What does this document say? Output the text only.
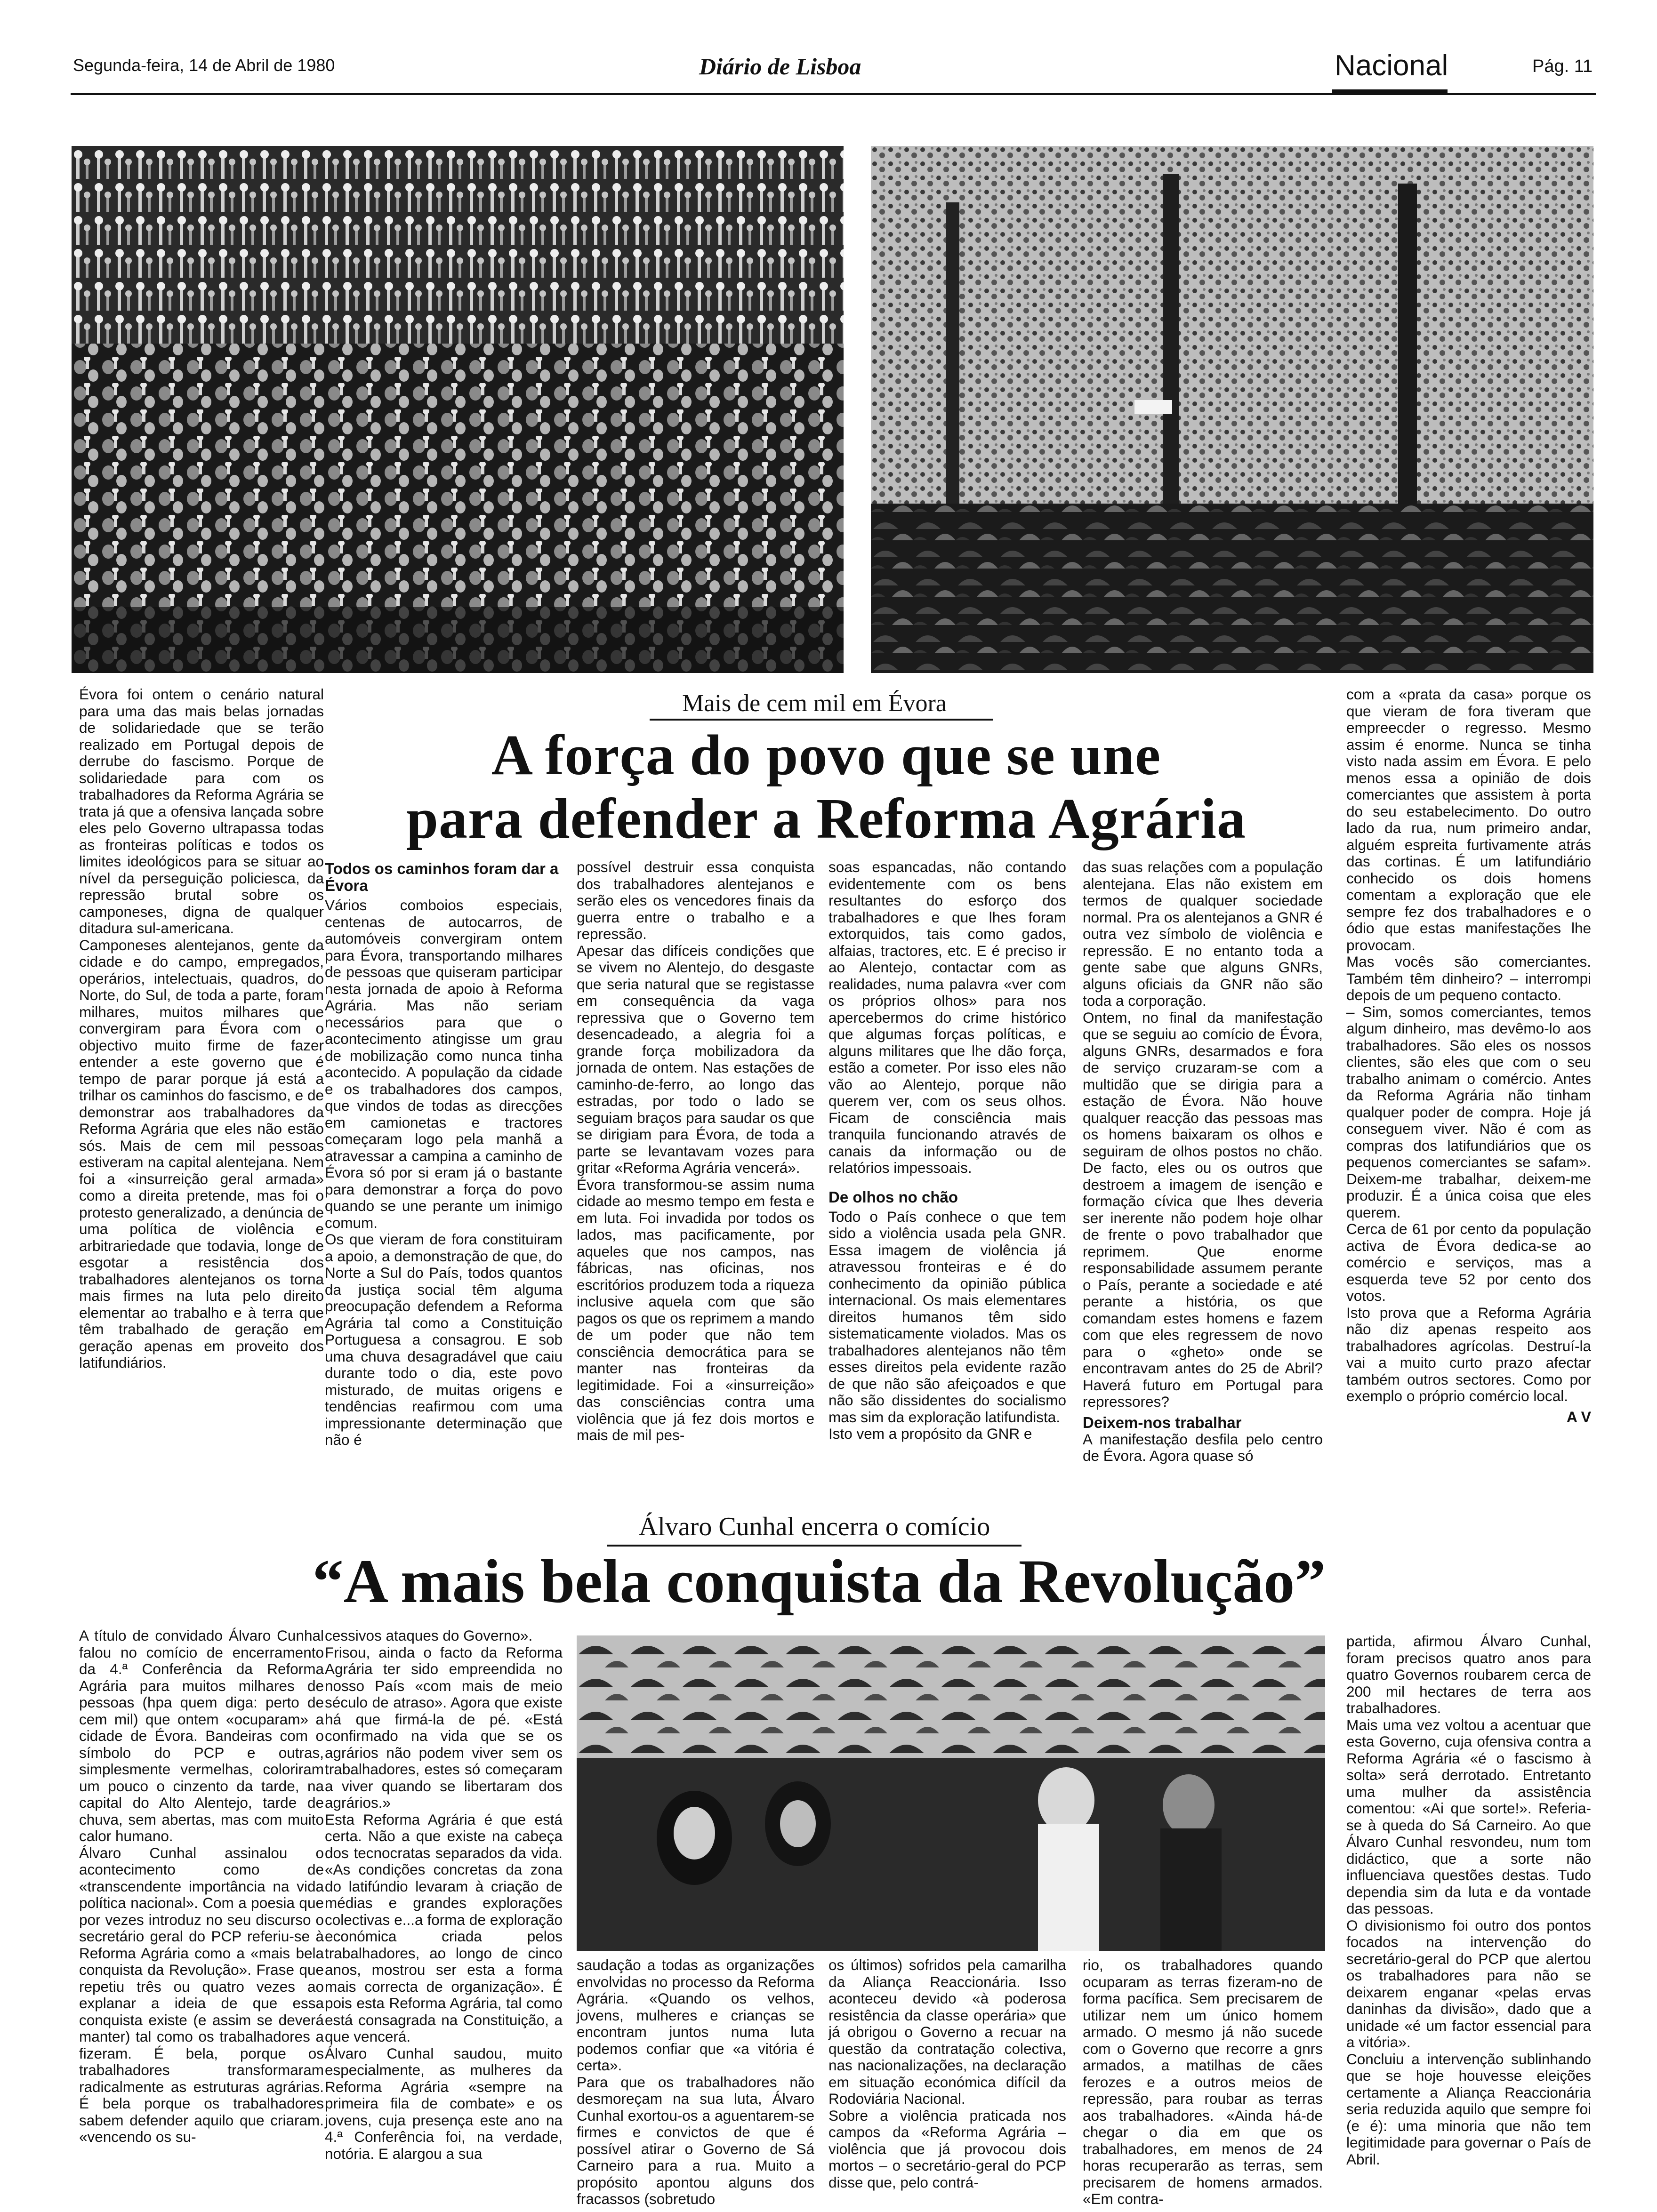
Segunda-feira, 14 de Abril de 1980	Diário de Lisboa	Nacional	Pág. 11
Mais de cem mil em Évora
A força do povo que se une
para defender a Reforma Agrária
Évora foi ontem o cenário natural para uma das mais belas jornadas de solidariedade que se terão realizado em Portugal depois de derrube do fascismo. Porque de solidariedade para com os trabalhadores da Reforma Agrária se trata já que a ofensiva lançada sobre eles pelo Governo ultrapassa todas as fronteiras políticas e todos os limites ideológicos para se situar ao nível da perseguição policiesca, da repressão brutal sobre os camponeses, digna de qualquer ditadura sul-americana.
Camponeses alentejanos, gente da cidade e do campo, empregados, operários, intelectuais, quadros, do Norte, do Sul, de toda a parte, foram milhares, muitos milhares que convergiram para Évora com o objectivo muito firme de fazer entender a este governo que é tempo de parar porque já está a trilhar os caminhos do fascismo, e de demonstrar aos trabalhadores da Reforma Agrária que eles não estão sós. Mais de cem mil pessoas estiveram na capital alentejana. Nem foi a «insurreição geral armada» como a direita pretende, mas foi o protesto generalizado, a denúncia de uma política de violência e arbitrariedade que todavia, longe de esgotar a resistência dos trabalhadores alentejanos os torna mais firmes na luta pelo direito elementar ao trabalho e à terra que têm trabalhado de geração em geração apenas em proveito dos latifundiários.
Todos os caminhos foram dar a Évora
Vários comboios especiais, centenas de autocarros, de automóveis convergiram ontem para Évora, transportando milhares de pessoas que quiseram participar nesta jornada de apoio à Reforma Agrária. Mas não seriam necessários para que o acontecimento atingisse um grau de mobilização como nunca tinha acontecido. A população da cidade e os trabalhadores dos campos, que vindos de todas as direcções em camionetas e tractores começaram logo pela manhã a atravessar a campina a caminho de Évora só por si eram já o bastante para demonstrar a força do povo quando se une perante um inimigo comum.
Os que vieram de fora constituiram a apoio, a demonstração de que, do Norte a Sul do País, todos quantos da justiça social têm alguma preocupação defendem a Reforma Agrária tal como a Constituição Portuguesa a consagrou. E sob uma chuva desagradável que caiu durante todo o dia, este povo misturado, de muitas origens e tendências reafirmou com uma impressionante determinação que não é
possível destruir essa conquista dos trabalhadores alentejanos e serão eles os vencedores finais da guerra entre o trabalho e a repressão.
Apesar das difíceis condições que se vivem no Alentejo, do desgaste que seria natural que se registasse em consequência da vaga repressiva que o Governo tem desencadeado, a alegria foi a grande força mobilizadora da jornada de ontem. Nas estações de caminho-de-ferro, ao longo das estradas, por todo o lado se seguiam braços para saudar os que se dirigiam para Évora, de toda a parte se levantavam vozes para gritar «Reforma Agrária vencerá».
Évora transformou-se assim numa cidade ao mesmo tempo em festa e em luta. Foi invadida por todos os lados, mas pacificamente, por aqueles que nos campos, nas fábricas, nas oficinas, nos escritórios produzem toda a riqueza inclusive aquela com que são pagos os que os reprimem a mando de um poder que não tem consciência democrática para se manter nas fronteiras da legitimidade. Foi a «insurreição» das consciências contra uma violência que já fez dois mortos e mais de mil pes-
soas espancadas, não contando evidentemente com os bens resultantes do esforço dos trabalhadores e que lhes foram extorquidos, tais como gados, alfaias, tractores, etc. E é preciso ir ao Alentejo, contactar com as realidades, numa palavra «ver com os próprios olhos» para nos apercebermos do crime histórico que algumas forças políticas, e alguns militares que lhe dão força, estão a cometer. Por isso eles não vão ao Alentejo, porque não querem ver, com os seus olhos. Ficam de consciência mais tranquila funcionando através de canais da informação ou de relatórios impessoais.
De olhos no chão
Todo o País conhece o que tem sido a violência usada pela GNR. Essa imagem de violência já atravessou fronteiras e é do conhecimento da opinião pública internacional. Os mais elementares direitos humanos têm sido sistematicamente violados. Mas os trabalhadores alentejanos não têm esses direitos pela evidente razão de que não são afeiçoados e que não são dissidentes do socialismo mas sim da exploração latifundista.
Isto vem a propósito da GNR e
das suas relações com a população alentejana. Elas não existem em termos de qualquer sociedade normal. Pra os alentejanos a GNR é outra vez símbolo de violência e repressão. E no entanto toda a gente sabe que alguns GNRs, alguns oficiais da GNR não são toda a corporação.
Ontem, no final da manifestação que se seguiu ao comício de Évora, alguns GNRs, desarmados e fora de serviço cruzaram-se com a multidão que se dirigia para a estação de Évora. Não houve qualquer reacção das pessoas mas os homens baixaram os olhos e seguiram de olhos postos no chão. De facto, eles ou os outros que destroem a imagem de isenção e formação cívica que lhes deveria ser inerente não podem hoje olhar de frente o povo trabalhador que reprimem. Que enorme responsabilidade assumem perante o País, perante a sociedade e até perante a história, os que comandam estes homens e fazem com que eles regressem de novo para o «gheto» onde se encontravam antes do 25 de Abril? Haverá futuro em Portugal para repressores?
Deixem-nos trabalhar
A manifestação desfila pelo centro de Évora. Agora quase só
com a «prata da casa» porque os que vieram de fora tiveram que empreecder o regresso. Mesmo assim é enorme. Nunca se tinha visto nada assim em Évora. E pelo menos essa a opinião de dois comerciantes que assistem à porta do seu estabelecimento. Do outro lado da rua, num primeiro andar, alguém espreita furtivamente atrás das cortinas. É um latifundiário conhecido os dois homens comentam a exploração que ele sempre fez dos trabalhadores e o ódio que estas manifestações lhe provocam.
Mas vocês são comerciantes. Também têm dinheiro? – interrompi depois de um pequeno contacto.
– Sim, somos comerciantes, temos algum dinheiro, mas devêmo-lo aos trabalhadores. São eles os nossos clientes, são eles que com o seu trabalho animam o comércio. Antes da Reforma Agrária não tinham qualquer poder de compra. Hoje já conseguem viver. Não é com as compras dos latifundiários que os pequenos comerciantes se safam». Deixem-me trabalhar, deixem-me produzir. É a única coisa que eles querem.
Cerca de 61 por cento da população activa de Évora dedica-se ao comércio e serviços, mas a esquerda teve 52 por cento dos votos.
Isto prova que a Reforma Agrária não diz apenas respeito aos trabalhadores agrícolas. Destruí-la vai a muito curto prazo afectar também outros sectores. Como por exemplo o próprio comércio local.
A V
Álvaro Cunhal encerra o comício
“A mais bela conquista da Revolução”
A título de convidado Álvaro Cunhal falou no comício de encerramento da 4.ª Conferência da Reforma Agrária para muitos milhares de pessoas (hpa quem diga: perto de cem mil) que ontem «ocuparam» a cidade de Évora. Bandeiras com o símbolo do PCP e outras, simplesmente vermelhas, coloriram um pouco o cinzento da tarde, na capital do Alto Alentejo, tarde de chuva, sem abertas, mas com muito calor humano.
Álvaro Cunhal assinalou o acontecimento como de «transcendente importância na vida política nacional». Com a poesia que por vezes introduz no seu discurso o secretário geral do PCP referiu-se à Reforma Agrária como a «mais bela conquista da Revolução». Frase que repetiu três ou quatro vezes ao explanar a ideia de que essa conquista existe (e assim se deverá manter) tal como os trabalhadores a fizeram. É bela, porque os trabalhadores transformaram radicalmente as estruturas agrárias. É bela porque os trabalhadores sabem defender aquilo que criaram. «vencendo os su-
cessivos ataques do Governo».
Frisou, ainda o facto da Reforma Agrária ter sido empreendida no nosso País «com mais de meio século de atraso». Agora que existe há que firmá-la de pé. «Está confirmado na vida que se os agrários não podem viver sem os trabalhadores, estes só começaram a viver quando se libertaram dos agrários.»
Esta Reforma Agrária é que está certa. Não a que existe na cabeça dos tecnocratas separados da vida. «As condições concretas da zona do latifúndio levaram à criação de médias e grandes explorações colectivas e...a forma de exploração económica criada pelos trabalhadores, ao longo de cinco anos, mostrou ser esta a forma mais correcta de organização». É pois esta Reforma Agrária, tal como está consagrada na Constituição, a que vencerá.
Álvaro Cunhal saudou, muito especialmente, as mulheres da Reforma Agrária «sempre na primeira fila de combate» e os jovens, cuja presença este ano na 4.ª Conferência foi, na verdade, notória. E alargou a sua
saudação a todas as organizações envolvidas no processo da Reforma Agrária. «Quando os velhos, jovens, mulheres e crianças se encontram juntos numa luta podemos confiar que «a vitória é certa».
Para que os trabalhadores não desmoreçam na sua luta, Álvaro Cunhal exortou-os a aguentarem-se firmes e convictos de que é possível atirar o Governo de Sá Carneiro para a rua. Muito a propósito apontou alguns dos fracassos (sobretudo
os últimos) sofridos pela camarilha da Aliança Reaccionária. Isso aconteceu devido «à poderosa resistência da classe operária» que já obrigou o Governo a recuar na questão da contratação colectiva, nas nacionalizações, na declaração em situação económica difícil da Rodoviária Nacional.
Sobre a violência praticada nos campos da «Reforma Agrária – violência que já provocou dois mortos – o secretário-geral do PCP disse que, pelo contrá-
rio, os trabalhadores quando ocuparam as terras fizeram-no de forma pacífica. Sem precisarem de utilizar nem um único homem armado. O mesmo já não sucede com o Governo que recorre a gnrs armados, a matilhas de cães ferozes e a outros meios de repressão, para roubar as terras aos trabalhadores. «Ainda há-de chegar o dia em que os trabalhadores, em menos de 24 horas recuperarão as terras, sem precisarem de homens armados. «Em contra-
partida, afirmou Álvaro Cunhal, foram precisos quatro anos para quatro Governos roubarem cerca de 200 mil hectares de terra aos trabalhadores.
Mais uma vez voltou a acentuar que esta Governo, cuja ofensiva contra a Reforma Agrária «é o fascismo à solta» será derrotado. Entretanto uma mulher da assistência comentou: «Ai que sorte!». Referia-se à queda do Sá Carneiro. Ao que Álvaro Cunhal resvondeu, num tom didáctico, que a sorte não influenciava questões destas. Tudo dependia sim da luta e da vontade das pessoas.
O divisionismo foi outro dos pontos focados na intervenção do secretário-geral do PCP que alertou os trabalhadores para não se deixarem enganar «pelas ervas daninhas da divisão», dado que a unidade «é um factor essencial para a vitória».
Concluiu a intervenção sublinhando que se hoje houvesse eleições certamente a Aliança Reaccionária seria reduzida aquilo que sempre foi (e é): uma minoria que não tem legitimidade para governar o País de Abril.
